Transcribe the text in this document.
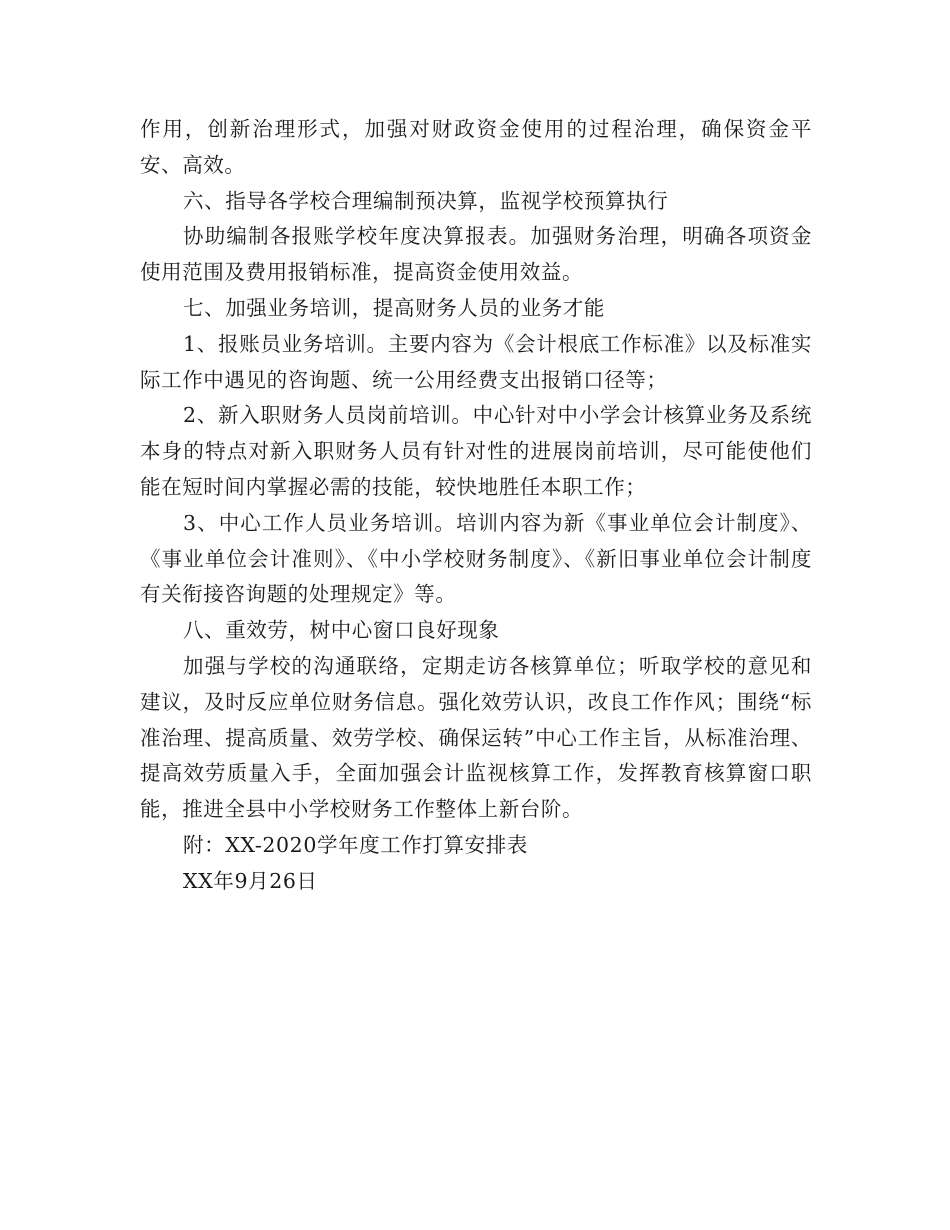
作用，创新治理形式，加强对财政资金使用的过程治理，确保资金平安、高效。

六、指导各学校合理编制预决算，监视学校预算执行

协助编制各报账学校年度决算报表。加强财务治理，明确各项资金使用范围及费用报销标准，提高资金使用效益。

七、加强业务培训，提高财务人员的业务才能

1、报账员业务培训。主要内容为《会计根底工作标准》以及标准实际工作中遇见的咨询题、统一公用经费支出报销口径等；

2、新入职财务人员岗前培训。中心针对中小学会计核算业务及系统本身的特点对新入职财务人员有针对性的进展岗前培训，尽可能使他们能在短时间内掌握必需的技能，较快地胜任本职工作；

3、中心工作人员业务培训。培训内容为新《事业单位会计制度》、《事业单位会计准则》、《中小学校财务制度》、《新旧事业单位会计制度有关衔接咨询题的处理规定》等。

八、重效劳，树中心窗口良好现象

加强与学校的沟通联络，定期走访各核算单位；听取学校的意见和建议，及时反应单位财务信息。强化效劳认识，改良工作作风；围绕“标准治理、提高质量、效劳学校、确保运转”中心工作主旨，从标准治理、提高效劳质量入手，全面加强会计监视核算工作，发挥教育核算窗口职能，推进全县中小学校财务工作整体上新台阶。

附：XX-2020学年度工作打算安排表

XX年9月26日
